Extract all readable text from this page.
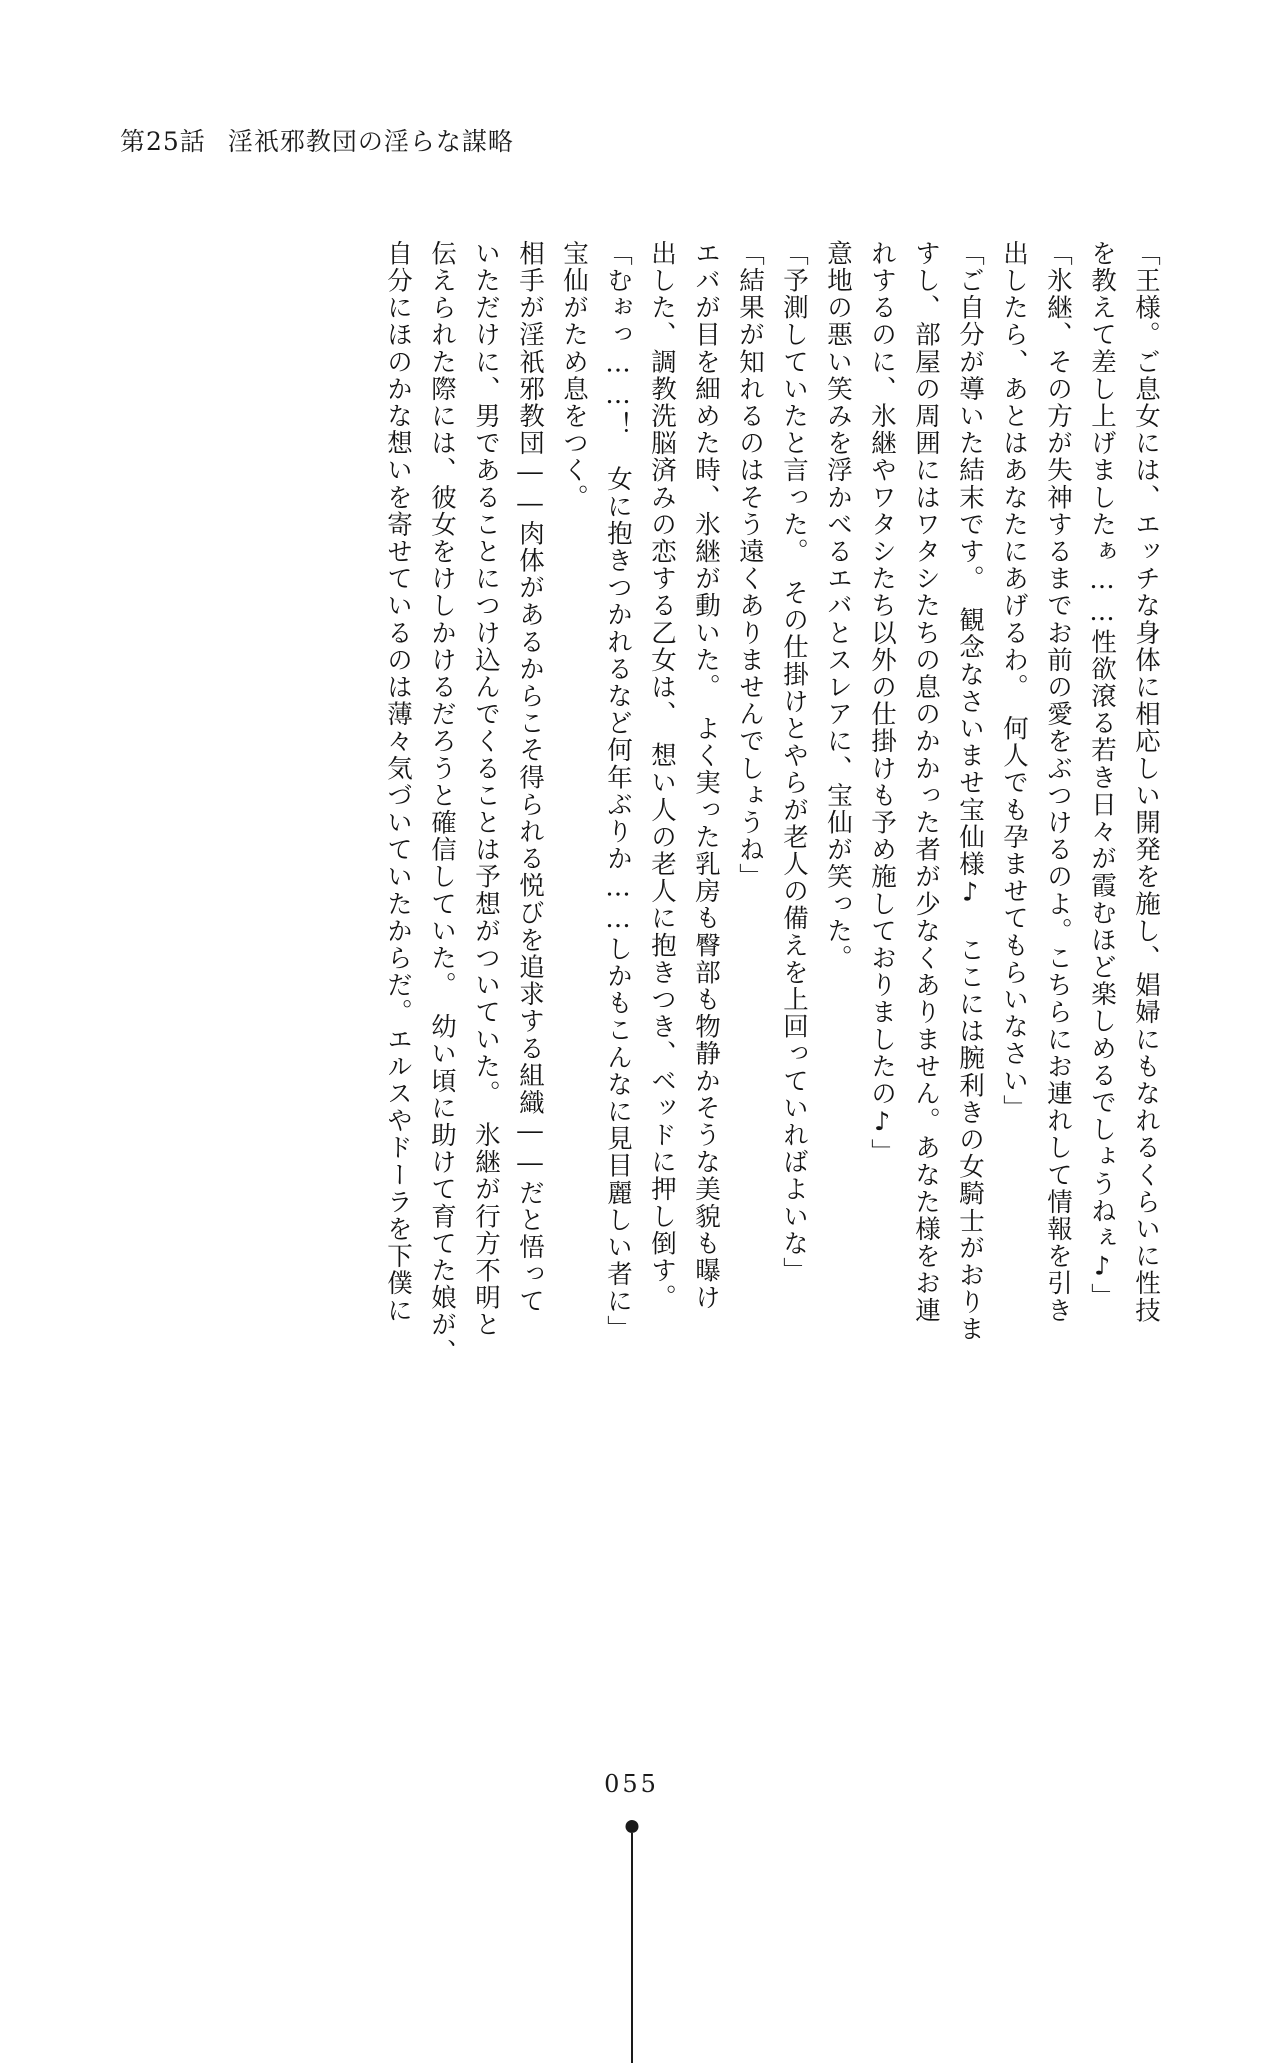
第25話 淫祇邪教団の淫らな謀略
「王様。ご息女には、エッチな身体に相応しい開発を施し、娼婦にもなれるくらいに性技
を教えて差し上げましたぁ……性欲滾る若き日々が霞むほど楽しめるでしょうねぇ♪」
「氷継、その方が失神するまでお前の愛をぶつけるのよ。こちらにお連れして情報を引き
出したら、あとはあなたにあげるわ。　何人でも孕ませてもらいなさい」
「ご自分が導いた結末です。　観念なさいませ宝仙様♪　ここには腕利きの女騎士がおりま
すし、部屋の周囲にはワタシたちの息のかかった者が少なくありません。あなた様をお連
れするのに、氷継やワタシたち以外の仕掛けも予め施しておりましたの♪」
意地の悪い笑みを浮かべるエバとスレアに、宝仙が笑った。
「予測していたと言った。　その仕掛けとやらが老人の備えを上回っていればよいな」
「結果が知れるのはそう遠くありませんでしょうね」
エバが目を細めた時、氷継が動いた。　よく実った乳房も臀部も物静かそうな美貌も曝け
出した、調教洗脳済みの恋する乙女は、　想い人の老人に抱きつき、ベッドに押し倒す。
「むぉっ……！　女に抱きつかれるなど何年ぶりか……しかもこんなに見目麗しい者に」
宝仙がため息をつく。
相手が淫祇邪教団――肉体があるからこそ得られる悦びを追求する組織――だと悟って
いただけに、男であることにつけ込んでくることは予想がついていた。　氷継が行方不明と
伝えられた際には、彼女をけしかけるだろうと確信していた。　幼い頃に助けて育てた娘が、
自分にほのかな想いを寄せているのは薄々気づいていたからだ。エルスやドーラを下僕に
055
